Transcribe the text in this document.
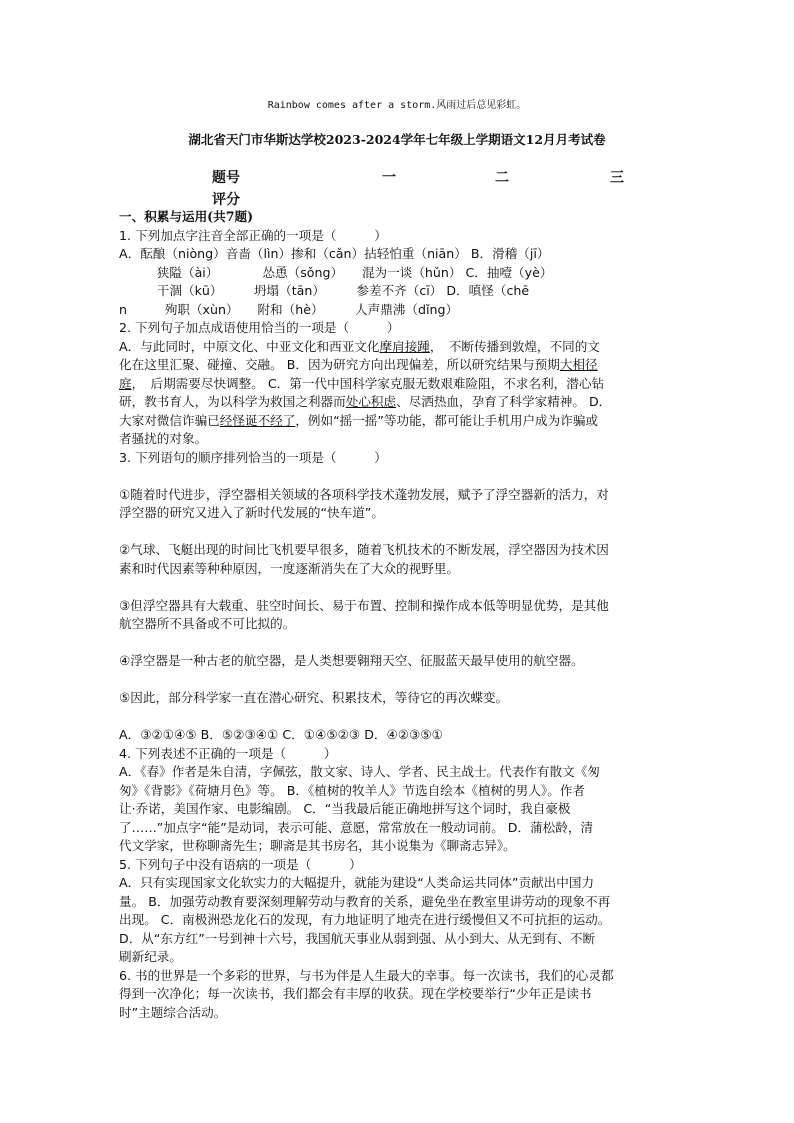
Rainbow comes after a storm.风雨过后总见彩虹。
湖北省天门市华斯达学校2023-2024学年七年级上学期语文12月月考试卷
题号	一	二	三
评分

一、积累与运用(共7题)

1. 下列加点字注音全部正确的一项是（　　　）

A．酝酿（niòng）音啬（lìn）掺和（cǎn）拈轻怕重（niān） B．滑稽（jī）

　　　狭隘（ài）　　　　怂恿（sǒng）　　混为一谈（hǔn） C．抽噎（yè）

　　　干涸（kū）　　　坍塌（tān）　　　参差不齐（cī） D．嗔怪（chē

n　　　殉职（xùn）　　附和（hè）　　　人声鼎沸（dǐng）

2. 下列句子加点成语使用恰当的一项是（　　　）

A．与此同时，中原文化、中亚文化和西亚文化摩肩接踵，　不断传播到敦煌，不同的文

化在这里汇聚、碰撞、交融。 B．因为研究方向出现偏差，所以研究结果与预期大相径

庭，　后期需要尽快调整。 C．第一代中国科学家克服无数艰难险阻，不求名利，潜心钻

研，教书育人，为以科学为救国之利器而处心积虑、尽洒热血，孕育了科学家精神。 D．

大家对微信诈骗已经怪诞不经了，例如“摇一摇”等功能，都可能让手机用户成为诈骗或

者骚扰的对象。

3. 下列语句的顺序排列恰当的一项是（　　　）

①随着时代进步，浮空器相关领域的各项科学技术蓬勃发展，赋予了浮空器新的活力，对

浮空器的研究又进入了新时代发展的“快车道”。

②气球、飞艇出现的时间比飞机要早很多，随着飞机技术的不断发展，浮空器因为技术因

素和时代因素等种种原因，一度逐渐消失在了大众的视野里。

③但浮空器具有大载重、驻空时间长、易于布置、控制和操作成本低等明显优势，是其他

航空器所不具备或不可比拟的。

④浮空器是一种古老的航空器，是人类想要翱翔天空、征服蓝天最早使用的航空器。

⑤因此，部分科学家一直在潜心研究、积累技术，等待它的再次蝶变。

A．③②①④⑤ B．⑤②③④① C．①④⑤②③ D．④②③⑤①

4. 下列表述不正确的一项是（　　　）

A．《春》作者是朱自清，字佩弦，散文家、诗人、学者、民主战士。代表作有散文《匆

匆》《背影》《荷塘月色》等。 B．《植树的牧羊人》节选自绘本《植树的男人》。作者

让·乔诺，美国作家、电影编剧。 C．“当我最后能正确地拼写这个词时，我自豪极

了……”加点字“能”是动词，表示可能、意愿，常常放在一般动词前。 D．蒲松龄，清

代文学家，世称聊斋先生；聊斋是其书房名，其小说集为《聊斋志异》。

5. 下列句子中没有语病的一项是（　　　）

A．只有实现国家文化软实力的大幅提升，就能为建设“人类命运共同体”贡献出中国力

量。 B．加强劳动教育要深刻理解劳动与教育的关系，避免坐在教室里讲劳动的现象不再

出现。 C．南极洲恐龙化石的发现，有力地证明了地壳在进行缓慢但又不可抗拒的运动。

D．从“东方红”一号到神十六号，我国航天事业从弱到强、从小到大、从无到有、不断

刷新纪录。

6. 书的世界是一个多彩的世界，与书为伴是人生最大的幸事。每一次读书，我们的心灵都

得到一次净化；每一次读书，我们都会有丰厚的收获。现在学校要举行“少年正是读书

时”主题综合活动。
